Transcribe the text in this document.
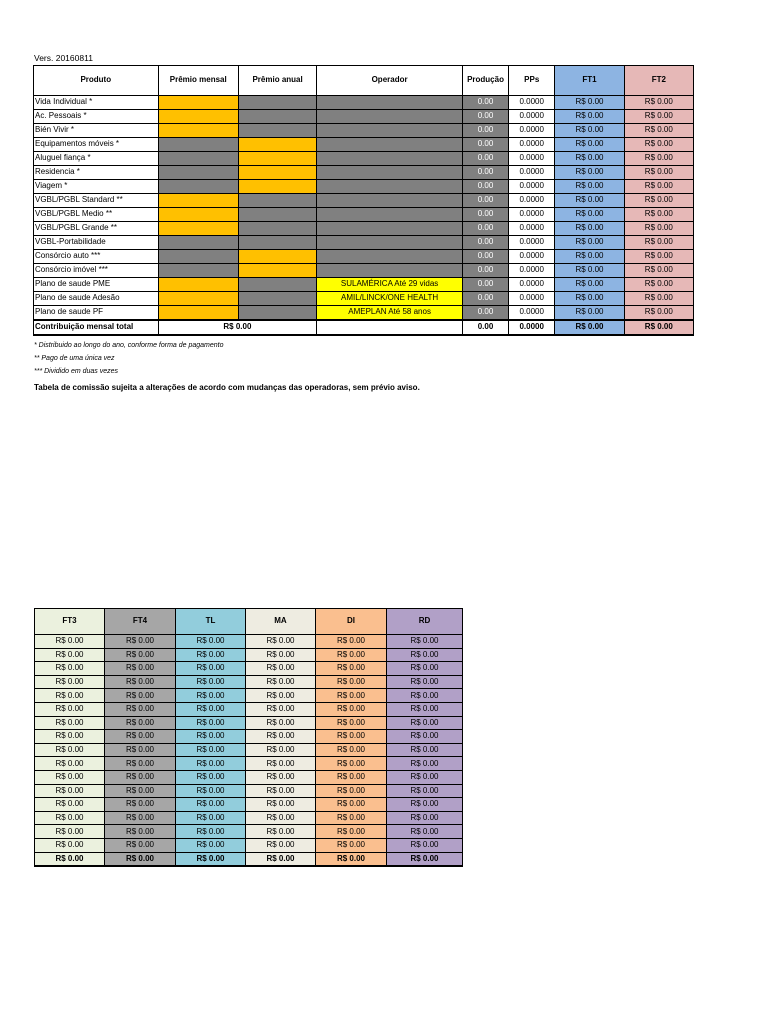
Vers. 20160811
Produto	Prêmio mensal	Prêmio anual	Operador	Produção	PPs	FT1	FT2
Vida Individual *				0.00	0.0000	R$ 0.00	R$ 0.00
Ac. Pessoais *				0.00	0.0000	R$ 0.00	R$ 0.00
Bién Vivir *				0.00	0.0000	R$ 0.00	R$ 0.00
Equipamentos móveis *				0.00	0.0000	R$ 0.00	R$ 0.00
Aluguel fiança *				0.00	0.0000	R$ 0.00	R$ 0.00
Residencia *				0.00	0.0000	R$ 0.00	R$ 0.00
Viagem *				0.00	0.0000	R$ 0.00	R$ 0.00
VGBL/PGBL Standard **				0.00	0.0000	R$ 0.00	R$ 0.00
VGBL/PGBL Medio **				0.00	0.0000	R$ 0.00	R$ 0.00
VGBL/PGBL Grande **				0.00	0.0000	R$ 0.00	R$ 0.00
VGBL-Portabilidade				0.00	0.0000	R$ 0.00	R$ 0.00
Consórcio auto ***				0.00	0.0000	R$ 0.00	R$ 0.00
Consórcio imóvel ***				0.00	0.0000	R$ 0.00	R$ 0.00
Plano de saude PME			SULAMÉRICA Até 29 vidas	0.00	0.0000	R$ 0.00	R$ 0.00
Plano de saude Adesão			AMIL/LINCK/ONE HEALTH	0.00	0.0000	R$ 0.00	R$ 0.00
Plano de saude PF			AMEPLAN Até 58 anos	0.00	0.0000	R$ 0.00	R$ 0.00
Contribuição mensal total	R$ 0.00			0.00	0.0000	R$ 0.00	R$ 0.00
* Distribuido ao longo do ano, conforme forma de pagamento
** Pago de uma única vez
*** Dividido em duas vezes
Tabela de comissão sujeita a alterações de acordo com mudanças das operadoras, sem prévio aviso.
FT3	FT4	TL	MA	DI	RD
R$ 0.00	R$ 0.00	R$ 0.00	R$ 0.00	R$ 0.00	R$ 0.00
R$ 0.00	R$ 0.00	R$ 0.00	R$ 0.00	R$ 0.00	R$ 0.00
R$ 0.00	R$ 0.00	R$ 0.00	R$ 0.00	R$ 0.00	R$ 0.00
R$ 0.00	R$ 0.00	R$ 0.00	R$ 0.00	R$ 0.00	R$ 0.00
R$ 0.00	R$ 0.00	R$ 0.00	R$ 0.00	R$ 0.00	R$ 0.00
R$ 0.00	R$ 0.00	R$ 0.00	R$ 0.00	R$ 0.00	R$ 0.00
R$ 0.00	R$ 0.00	R$ 0.00	R$ 0.00	R$ 0.00	R$ 0.00
R$ 0.00	R$ 0.00	R$ 0.00	R$ 0.00	R$ 0.00	R$ 0.00
R$ 0.00	R$ 0.00	R$ 0.00	R$ 0.00	R$ 0.00	R$ 0.00
R$ 0.00	R$ 0.00	R$ 0.00	R$ 0.00	R$ 0.00	R$ 0.00
R$ 0.00	R$ 0.00	R$ 0.00	R$ 0.00	R$ 0.00	R$ 0.00
R$ 0.00	R$ 0.00	R$ 0.00	R$ 0.00	R$ 0.00	R$ 0.00
R$ 0.00	R$ 0.00	R$ 0.00	R$ 0.00	R$ 0.00	R$ 0.00
R$ 0.00	R$ 0.00	R$ 0.00	R$ 0.00	R$ 0.00	R$ 0.00
R$ 0.00	R$ 0.00	R$ 0.00	R$ 0.00	R$ 0.00	R$ 0.00
R$ 0.00	R$ 0.00	R$ 0.00	R$ 0.00	R$ 0.00	R$ 0.00
R$ 0.00	R$ 0.00	R$ 0.00	R$ 0.00	R$ 0.00	R$ 0.00
